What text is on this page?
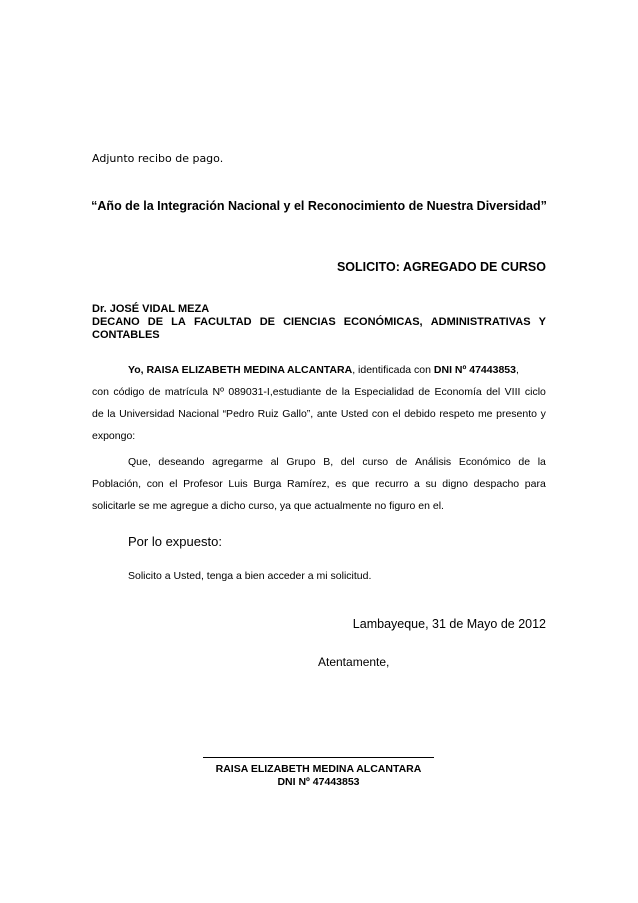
Adjunto recibo de pago.
“Año de la Integración Nacional y el Reconocimiento de Nuestra Diversidad”
SOLICITO: AGREGADO DE CURSO
Dr. JOSÉ VIDAL MEZA
DECANO DE LA FACULTAD DE CIENCIAS ECONÓMICAS, ADMINISTRATIVAS Y
CONTABLES
Yo, RAISA ELIZABETH MEDINA ALCANTARA, identificada con DNI Nº 47443853,
con código de matrícula Nº 089031-I,estudiante de la Especialidad de Economía del VIII ciclo
de la Universidad Nacional “Pedro Ruiz Gallo”, ante Usted con el debido respeto me presento y
expongo:
Que, deseando agregarme al Grupo B, del curso de Análisis Económico de la
Población, con el Profesor Luis Burga Ramírez, es que recurro a su digno despacho para
solicitarle se me agregue a dicho curso, ya que actualmente no figuro en el.
Por lo expuesto:
Solicito a Usted, tenga a bien acceder a mi solicitud.
Lambayeque, 31 de Mayo de 2012
Atentamente,
RAISA ELIZABETH MEDINA ALCANTARA
DNI Nº 47443853
